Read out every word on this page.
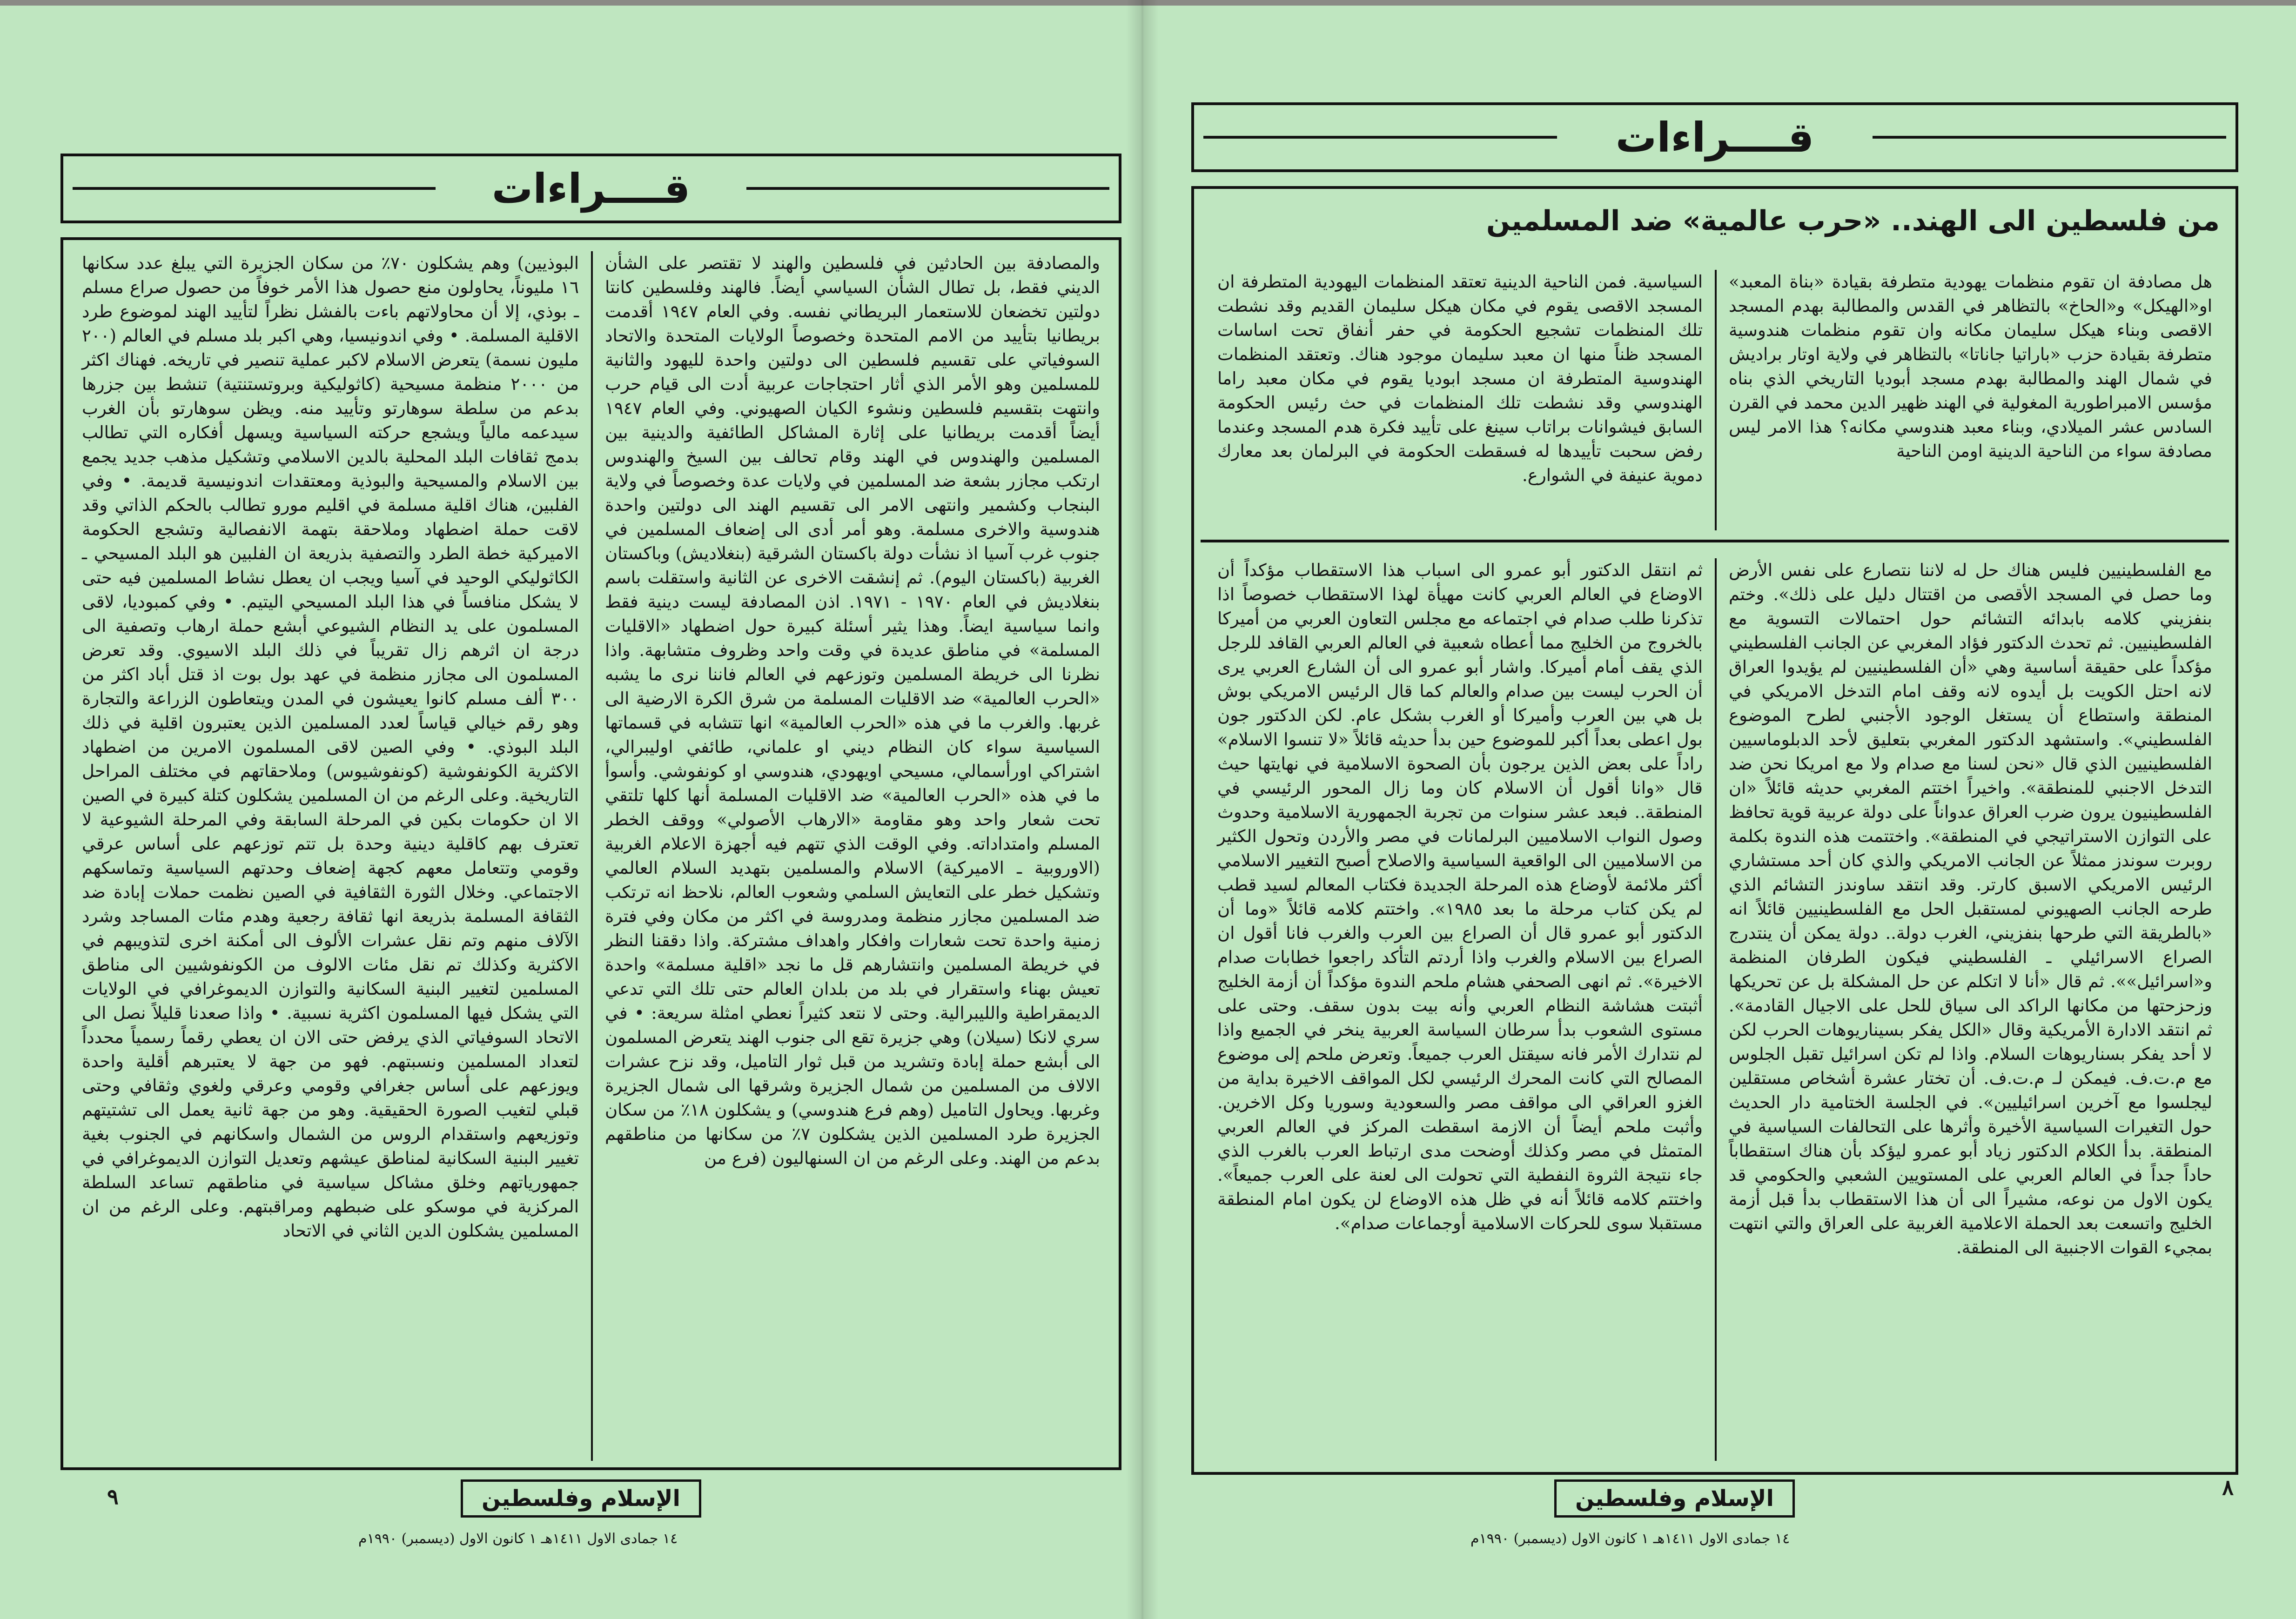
قــــراءات

والمصادفة بين الحادثين في فلسطين والهند لا تقتصر على الشأن الديني فقط، بل تطال الشأن السياسي أيضاً. فالهند وفلسطين كانتا دولتين تخضعان للاستعمار البريطاني نفسه. وفي العام ١٩٤٧ أقدمت بريطانيا بتأييد من الامم المتحدة وخصوصاً الولايات المتحدة والاتحاد السوفياتي على تقسيم فلسطين الى دولتين واحدة لليهود والثانية للمسلمين وهو الأمر الذي أثار احتجاجات عربية أدت الى قيام حرب وانتهت بتقسيم فلسطين ونشوء الكيان الصهيوني. وفي العام ١٩٤٧ أيضاً أقدمت بريطانيا على إثارة المشاكل الطائفية والدينية بين المسلمين والهندوس في الهند وقام تحالف بين السيخ والهندوس ارتكب مجازر بشعة ضد المسلمين في ولايات عدة وخصوصاً في ولاية البنجاب وكشمير وانتهى الامر الى تقسيم الهند الى دولتين واحدة هندوسية والاخرى مسلمة. وهو أمر أدى الى إضعاف المسلمين في جنوب غرب آسيا اذ نشأت دولة باكستان الشرقية (بنغلاديش) وباكستان الغربية (باكستان اليوم). ثم إنشقت الاخرى عن الثانية واستقلت باسم بنغلاديش في العام ١٩٧٠ - ١٩٧١. اذن المصادفة ليست دينية فقط وانما سياسية ايضاً. وهذا يثير أسئلة كبيرة حول اضطهاد «الاقليات المسلمة» في مناطق عديدة في وقت واحد وظروف متشابهة. واذا نظرنا الى خريطة المسلمين وتوزعهم في العالم فاننا نرى ما يشبه «الحرب العالمية» ضد الاقليات المسلمة من شرق الكرة الارضية الى غربها. والغرب ما في هذه «الحرب العالمية» انها تتشابه في قسماتها السياسية سواء كان النظام ديني او علماني، طائفي اوليبرالي، اشتراكي اورأسمالي، مسيحي اويهودي، هندوسي او كونفوشي. وأسوأ ما في هذه «الحرب العالمية» ضد الاقليات المسلمة أنها كلها تلتقي تحت شعار واحد وهو مقاومة «الارهاب الأصولي» ووقف الخطر المسلم وامتداداته. وفي الوقت الذي تتهم فيه أجهزة الاعلام الغربية (الاوروبية ـ الاميركية) الاسلام والمسلمين بتهديد السلام العالمي وتشكيل خطر على التعايش السلمي وشعوب العالم، نلاحظ انه ترتكب ضد المسلمين مجازر منظمة ومدروسة في اكثر من مكان وفي فترة زمنية واحدة تحت شعارات وافكار واهداف مشتركة. واذا دققنا النظر في خريطة المسلمين وانتشارهم قل ما نجد «اقلية مسلمة» واحدة تعيش بهناء واستقرار في بلد من بلدان العالم حتى تلك التي تدعي الديمقراطية والليبرالية. وحتى لا نتعد كثيراً نعطي امثلة سريعة: • في سري لانكا (سيلان) وهي جزيرة تقع الى جنوب الهند يتعرض المسلمون الى أبشع حملة إبادة وتشريد من قبل ثوار التاميل، وقد نزح عشرات الالاف من المسلمين من شمال الجزيرة وشرقها الى شمال الجزيرة وغربها. ويحاول التاميل (وهم فرع هندوسي) و يشكلون ١٨٪ من سكان الجزيرة طرد المسلمين الذين يشكلون ٧٪ من سكانها من مناطقهم بدعم من الهند. وعلى الرغم من ان السنهاليون (فرع من

البوذيين) وهم يشكلون ٧٠٪ من سكان الجزيرة التي يبلغ عدد سكانها ١٦ مليوناً، يحاولون منع حصول هذا الأمر خوفاً من حصول صراع مسلم ـ بوذي، إلا أن محاولاتهم باءت بالفشل نظراً لتأييد الهند لموضوع طرد الاقلية المسلمة. • وفي اندونيسيا، وهي اكبر بلد مسلم في العالم (٢٠٠ مليون نسمة) يتعرض الاسلام لاكبر عملية تنصير في تاريخه. فهناك اكثر من ٢٠٠٠ منظمة مسيحية (كاثوليكية وبروتستنتية) تنشط بين جزرها بدعم من سلطة سوهارتو وتأييد منه. ويظن سوهارتو بأن الغرب سيدعمه مالياً ويشجع حركته السياسية ويسهل أفكاره التي تطالب بدمج ثقافات البلد المحلية بالدين الاسلامي وتشكيل مذهب جديد يجمع بين الاسلام والمسيحية والبوذية ومعتقدات اندونيسية قديمة. • وفي الفلبين، هناك اقلية مسلمة في اقليم مورو تطالب بالحكم الذاتي وقد لاقت حملة اضطهاد وملاحقة بتهمة الانفصالية وتشجع الحكومة الاميركية خطة الطرد والتصفية بذريعة ان الفلبين هو البلد المسيحي ـ الكاثوليكي الوحيد في آسيا ويجب ان يعطل نشاط المسلمين فيه حتى لا يشكل منافساً في هذا البلد المسيحي اليتيم. • وفي كمبوديا، لاقى المسلمون على يد النظام الشيوعي أبشع حملة ارهاب وتصفية الى درجة ان اثرهم زال تقريباً في ذلك البلد الاسيوي. وقد تعرض المسلمون الى مجازر منظمة في عهد بول بوت اذ قتل أباد اكثر من ٣٠٠ ألف مسلم كانوا يعيشون في المدن ويتعاطون الزراعة والتجارة وهو رقم خيالي قياساً لعدد المسلمين الذين يعتبرون اقلية في ذلك البلد البوذي. • وفي الصين لاقى المسلمون الامرين من اضطهاد الاكثرية الكونفوشية (كونفوشيوس) وملاحقاتهم في مختلف المراحل التاريخية. وعلى الرغم من ان المسلمين يشكلون كتلة كبيرة في الصين الا ان حكومات بكين في المرحلة السابقة وفي المرحلة الشيوعية لا تعترف بهم كاقلية دينية وحدة بل تتم توزعهم على أساس عرقي وقومي وتتعامل معهم كجهة إضعاف وحدتهم السياسية وتماسكهم الاجتماعي. وخلال الثورة الثقافية في الصين نظمت حملات إبادة ضد الثقافة المسلمة بذريعة انها ثقافة رجعية وهدم مئات المساجد وشرد الآلاف منهم وتم نقل عشرات الألوف الى أمكنة اخرى لتذويبهم في الاكثرية وكذلك تم نقل مئات الالوف من الكونفوشيين الى مناطق المسلمين لتغيير البنية السكانية والتوازن الديموغرافي في الولايات التي يشكل فيها المسلمون اكثرية نسبية. • واذا صعدنا قليلاً نصل الى الاتحاد السوفياتي الذي يرفض حتى الان ان يعطي رقماً رسمياً محدداً لتعداد المسلمين ونسبتهم. فهو من جهة لا يعتبرهم أقلية واحدة ويوزعهم على أساس جغرافي وقومي وعرقي ولغوي وثقافي وحتى قبلي لتغيب الصورة الحقيقية. وهو من جهة ثانية يعمل الى تشتيتهم وتوزيعهم واستقدام الروس من الشمال واسكانهم في الجنوب بغية تغيير البنية السكانية لمناطق عيشهم وتعديل التوازن الديموغرافي في جمهورياتهم وخلق مشاكل سياسية في مناطقهم تساعد السلطة المركزية في موسكو على ضبطهم ومراقبتهم. وعلى الرغم من ان المسلمين يشكلون الدين الثاني في الاتحاد

٩	الإسلام وفلسطين
١٤ جمادى الاول ١٤١١هـ ١ كانون الاول (ديسمبر) ١٩٩٠م
قــــراءات
من فلسطين الى الهند.. «حرب عالمية» ضد المسلمين

هل مصادفة ان تقوم منظمات يهودية متطرفة بقيادة «بناة المعبد» او«الهيكل» و«الحاخ» بالتظاهر في القدس والمطالبة بهدم المسجد الاقصى وبناء هيكل سليمان مكانه وان تقوم منظمات هندوسية متطرفة بقيادة حزب «باراتيا جاناتا» بالتظاهر في ولاية اوتار براديش في شمال الهند والمطالبة بهدم مسجد أبوديا التاريخي الذي بناه مؤسس الامبراطورية المغولية في الهند ظهير الدين محمد في القرن السادس عشر الميلادي، وبناء معبد هندوسي مكانه؟ هذا الامر ليس مصادفة سواء من الناحية الدينية اومن الناحية

السياسية. فمن الناحية الدينية تعتقد المنظمات اليهودية المتطرفة ان المسجد الاقصى يقوم في مكان هيكل سليمان القديم وقد نشطت تلك المنظمات تشجيع الحكومة في حفر أنفاق تحت اساسات المسجد ظناً منها ان معبد سليمان موجود هناك. وتعتقد المنظمات الهندوسية المتطرفة ان مسجد ابوديا يقوم في مكان معبد راما الهندوسي وقد نشطت تلك المنظمات في حث رئيس الحكومة السابق فيشوانات براتاب سينغ على تأييد فكرة هدم المسجد وعندما رفض سحبت تأييدها له فسقطت الحكومة في البرلمان بعد معارك دموية عنيفة في الشوارع.

مع الفلسطينيين فليس هناك حل له لاننا نتصارع على نفس الأرض وما حصل في المسجد الأقصى من اقتتال دليل على ذلك». وختم بنفزيني كلامه بابدائه التشائم حول احتمالات التسوية مع الفلسطينيين. ثم تحدث الدكتور فؤاد المغربي عن الجانب الفلسطيني مؤكداً على حقيقة أساسية وهي «أن الفلسطينيين لم يؤيدوا العراق لانه احتل الكويت بل أيدوه لانه وقف امام التدخل الامريكي في المنطقة واستطاع أن يستغل الوجود الأجنبي لطرح الموضوع الفلسطيني». واستشهد الدكتور المغربي بتعليق لأحد الدبلوماسيين الفلسطينيين الذي قال «نحن لسنا مع صدام ولا مع امريكا نحن ضد التدخل الاجنبي للمنطقة». واخيراً اختتم المغربي حديثه قائلاً «ان الفلسطينيون يرون ضرب العراق عدواناً على دولة عربية قوية تحافظ على التوازن الاستراتيجي في المنطقة». واختتمت هذه الندوة بكلمة روبرت سوندز ممثلاً عن الجانب الامريكي والذي كان أحد مستشاري الرئيس الامريكي الاسبق كارتر. وقد انتقد ساوندز التشائم الذي طرحه الجانب الصهيوني لمستقبل الحل مع الفلسطينيين قائلاً انه «بالطريقة التي طرحها بنفزيني، الغرب دولة.. دولة يمكن أن ينتدرج الصراع الاسرائيلي ـ الفلسطيني فيكون الطرفان المنظمة و«اسرائيل»». ثم قال «أنا لا اتكلم عن حل المشكلة بل عن تحريكها وزحزحتها من مكانها الراكد الى سياق للحل على الاجيال القادمة». ثم انتقد الادارة الأمريكية وقال «الكل يفكر بسيناريوهات الحرب لكن لا أحد يفكر بسناريوهات السلام. واذا لم تكن اسرائيل تقبل الجلوس مع م.ت.ف. فيمكن لـ م.ت.ف. أن تختار عشرة أشخاص مستقلين ليجلسوا مع آخرين اسرائيليين». في الجلسة الختامية دار الحديث حول التغيرات السياسية الأخيرة وأثرها على التحالفات السياسية في المنطقة. بدأ الكلام الدكتور زياد أبو عمرو ليؤكد بأن هناك استقطاباً حاداً جداً في العالم العربي على المستويين الشعبي والحكومي قد يكون الاول من نوعه، مشيراً الى أن هذا الاستقطاب بدأ قبل أزمة الخليج واتسعت بعد الحملة الاعلامية الغربية على العراق والتي انتهت بمجيء القوات الاجنبية الى المنطقة.

ثم انتقل الدكتور أبو عمرو الى اسباب هذا الاستقطاب مؤكداً أن الاوضاع في العالم العربي كانت مهيأة لهذا الاستقطاب خصوصاً اذا تذكرنا طلب صدام في اجتماعه مع مجلس التعاون العربي من أميركا بالخروج من الخليج مما أعطاه شعبية في العالم العربي القافد للرجل الذي يقف أمام أميركا. واشار أبو عمرو الى أن الشارع العربي يرى أن الحرب ليست بين صدام والعالم كما قال الرئيس الامريكي بوش بل هي بين العرب وأميركا أو الغرب بشكل عام. لكن الدكتور جون بول اعطى بعداً أكبر للموضوع حين بدأ حديثه قائلاً «لا تنسوا الاسلام» راداً على بعض الذين يرجون بأن الصحوة الاسلامية في نهايتها حيث قال «وانا أقول أن الاسلام كان وما زال المحور الرئيسي في المنطقة.. فبعد عشر سنوات من تجربة الجمهورية الاسلامية وحدوث وصول النواب الاسلاميين البرلمانات في مصر والأردن وتحول الكثير من الاسلاميين الى الواقعية السياسية والاصلاح أصبح التغيير الاسلامي أكثر ملائمة لأوضاع هذه المرحلة الجديدة فكتاب المعالم لسيد قطب لم يكن كتاب مرحلة ما بعد ١٩٨٥». واختتم كلامه قائلاً «وما أن الدكتور أبو عمرو قال أن الصراع بين العرب والغرب فانا أقول ان الصراع بين الاسلام والغرب واذا أردتم التأكد راجعوا خطابات صدام الاخيرة». ثم انهى الصحفي هشام ملحم الندوة مؤكداً أن أزمة الخليج أثبتت هشاشة النظام العربي وأنه بيت بدون سقف. وحتى على مستوى الشعوب بدأ سرطان السياسة العربية ينخر في الجميع واذا لم نتدارك الأمر فانه سيقتل العرب جميعاً. وتعرض ملحم إلى موضوع المصالح التي كانت المحرك الرئيسي لكل المواقف الاخيرة بداية من الغزو العراقي الى مواقف مصر والسعودية وسوريا وكل الاخرين. وأثبت ملحم أيضاً أن الازمة اسقطت المركز في العالم العربي المتمثل في مصر وكذلك أوضحت مدى ارتباط العرب بالغرب الذي جاء نتيجة الثروة النفطية التي تحولت الى لعنة على العرب جميعاً». واختتم كلامه قائلاً أنه في ظل هذه الاوضاع لن يكون امام المنطقة مستقبلا سوى للحركات الاسلامية أوجماعات صدام».

٨
الإسلام وفلسطين
١٤ جمادى الاول ١٤١١هـ ١ كانون الاول (ديسمبر) ١٩٩٠م
